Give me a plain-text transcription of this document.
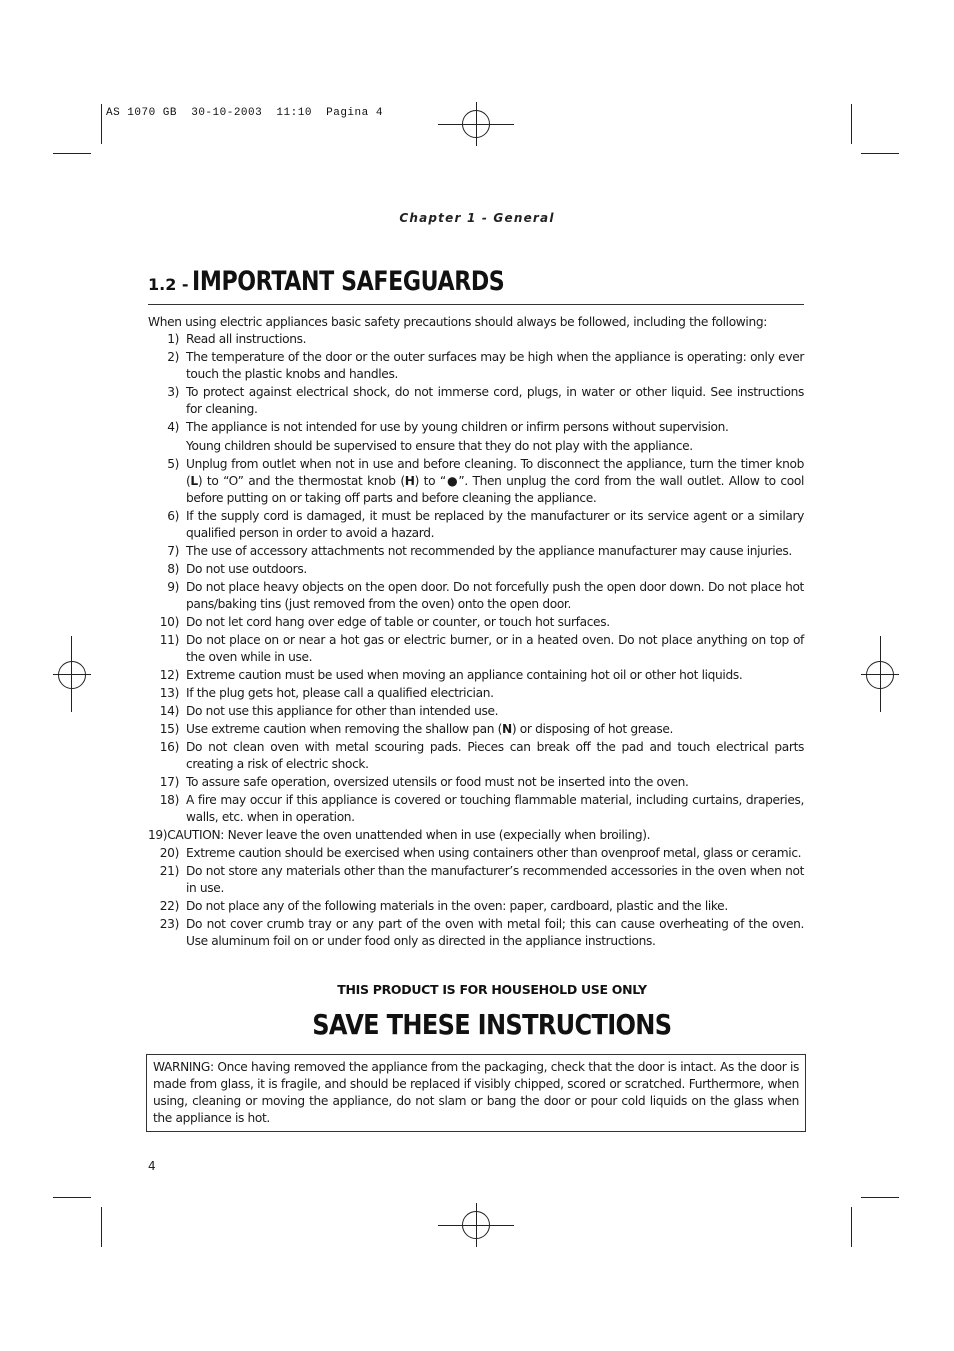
AS 1070 GB  30-10-2003  11:10  Pagina 4
Chapter 1 - General
1.2 - IMPORTANT SAFEGUARDS
When using electric appliances basic safety precautions should always be followed, including the following:
1) Read all instructions.
2) The temperature of the door or the outer surfaces may be high when the appliance is operating: only ever touch the plastic knobs and handles.
3) To protect against electrical shock, do not immerse cord, plugs, in water or other liquid. See instructions for cleaning.
4) The appliance is not intended for use by young children or infirm persons without supervision.
Young children should be supervised to ensure that they do not play with the appliance.
5) Unplug from outlet when not in use and before cleaning. To disconnect the appliance, turn the timer knob (L) to “O” and the thermostat knob (H) to “●”. Then unplug the cord from the wall outlet. Allow to cool before putting on or taking off parts and before cleaning the appliance.
6) If the supply cord is damaged, it must be replaced by the manufacturer or its service agent or a similary qualified person in order to avoid a hazard.
7) The use of accessory attachments not recommended by the appliance manufacturer may cause injuries.
8) Do not use outdoors.
9) Do not place heavy objects on the open door. Do not forcefully push the open door down. Do not place hot pans/baking tins (just removed from the oven) onto the open door.
10) Do not let cord hang over edge of table or counter, or touch hot surfaces.
11) Do not place on or near a hot gas or electric burner, or in a heated oven. Do not place anything on top of the oven while in use.
12) Extreme caution must be used when moving an appliance containing hot oil or other hot liquids.
13) If the plug gets hot, please call a qualified electrician.
14) Do not use this appliance for other than intended use.
15) Use extreme caution when removing the shallow pan (N) or disposing of hot grease.
16) Do not clean oven with metal scouring pads. Pieces can break off the pad and touch electrical parts creating a risk of electric shock.
17) To assure safe operation, oversized utensils or food must not be inserted into the oven.
18) A fire may occur if this appliance is covered or touching flammable material, including curtains, draperies, walls, etc. when in operation.
19)CAUTION: Never leave the oven unattended when in use (expecially when broiling).
20) Extreme caution should be exercised when using containers other than ovenproof metal, glass or ceramic.
21) Do not store any materials other than the manufacturer’s recommended accessories in the oven when not in use.
22) Do not place any of the following materials in the oven: paper, cardboard, plastic and the like.
23) Do not cover crumb tray or any part of the oven with metal foil; this can cause overheating of the oven. Use aluminum foil on or under food only as directed in the appliance instructions.
THIS PRODUCT IS FOR HOUSEHOLD USE ONLY
SAVE THESE INSTRUCTIONS
WARNING: Once having removed the appliance from the packaging, check that the door is intact. As the door is made from glass, it is fragile, and should be replaced if visibly chipped, scored or scratched. Furthermore, when using, cleaning or moving the appliance, do not slam or bang the door or pour cold liquids on the glass when the appliance is hot.
4
